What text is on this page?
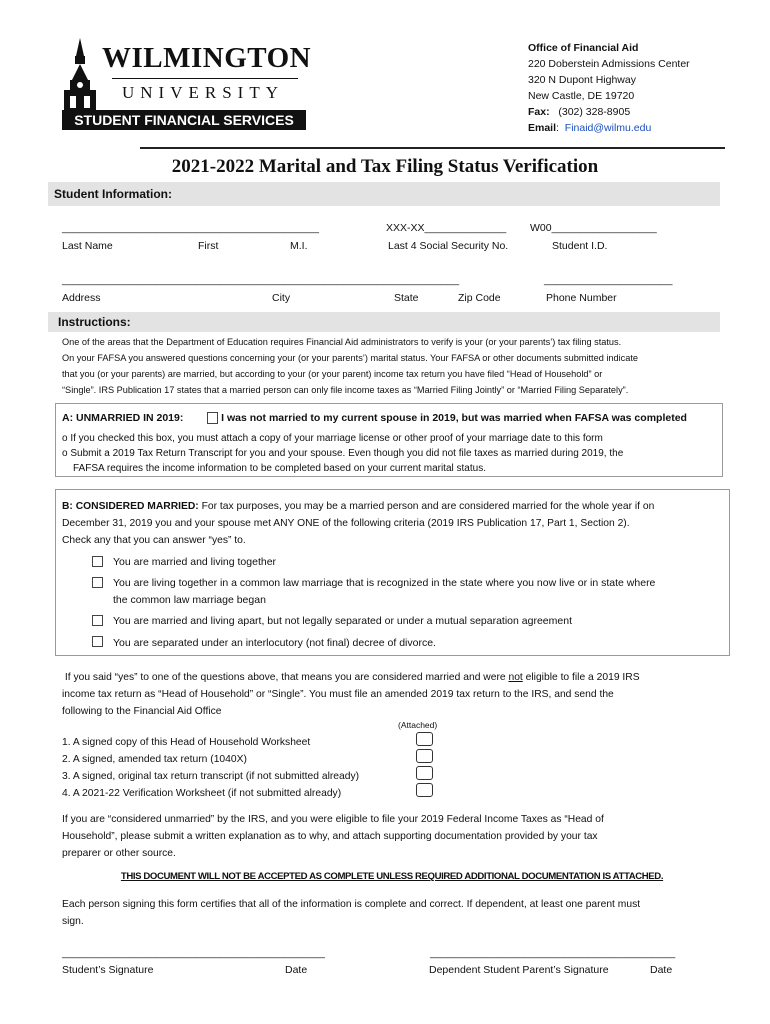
WILMINGTON
UNIVERSITY
STUDENT FINANCIAL SERVICES
Office of Financial Aid
220 Doberstein Admissions Center
320 N Dupont Highway
New Castle, DE 19720
Fax: (302) 328-8905
Email:  Finaid@wilmu.edu
2021-2022 Marital and Tax Filing Status Verification
Student Information:
____________________________________________	XXX-XX______________ W00__________________
Last Name	First	M.I.	Last 4 Social Security No.	Student I.D.
____________________________________________________________________	______________________
Address	City	State	Zip Code	Phone Number
Instructions:
One of the areas that the Department of Education requires Financial Aid administrators to verify is your (or your parents’) tax filing status.
On your FAFSA you answered questions concerning your (or your parents’) marital status. Your FAFSA or other documents submitted indicate
that you (or your parents) are married, but according to your (or your parent) income tax return you have filed “Head of Household” or
“Single”. IRS Publication 17 states that a married person can only file income taxes as “Married Filing Jointly” or “Married Filing Separately”.
A: UNMARRIED IN 2019:	I was not married to my current spouse in 2019, but was married when FAFSA was completed
o If you checked this box, you must attach a copy of your marriage license or other proof of your marriage date to this form
o Submit a 2019 Tax Return Transcript for you and your spouse. Even though you did not file taxes as married during 2019, the
FAFSA requires the income information to be completed based on your current marital status.
B: CONSIDERED MARRIED: For tax purposes, you may be a married person and are considered married for the whole year if on
December 31, 2019 you and your spouse met ANY ONE of the following criteria (2019 IRS Publication 17, Part 1, Section 2).
Check any that you can answer “yes” to.
You are married and living together
You are living together in a common law marriage that is recognized in the state where you now live or in state where
the common law marriage began
You are married and living apart, but not legally separated or under a mutual separation agreement
You are separated under an interlocutory (not final) decree of divorce.
If you said “yes” to one of the questions above, that means you are considered married and were not eligible to file a 2019 IRS
income tax return as “Head of Household” or “Single”. You must file an amended 2019 tax return to the IRS, and send the
following to the Financial Aid Office
(Attached)
1. A signed copy of this Head of Household Worksheet
2. A signed, amended tax return (1040X)
3. A signed, original tax return transcript (if not submitted already)
4. A 2021-22 Verification Worksheet (if not submitted already)
If you are “considered unmarried” by the IRS, and you were eligible to file your 2019 Federal Income Taxes as “Head of
Household”, please submit a written explanation as to why, and attach supporting documentation provided by your tax
preparer or other source.
THIS DOCUMENT WILL NOT BE ACCEPTED AS COMPLETE UNLESS REQUIRED ADDITIONAL DOCUMENTATION IS ATTACHED.
Each person signing this form certifies that all of the information is complete and correct. If dependent, at least one parent must
sign.
_____________________________________________	__________________________________________
Student’s Signature	Date	Dependent Student Parent’s Signature	Date
